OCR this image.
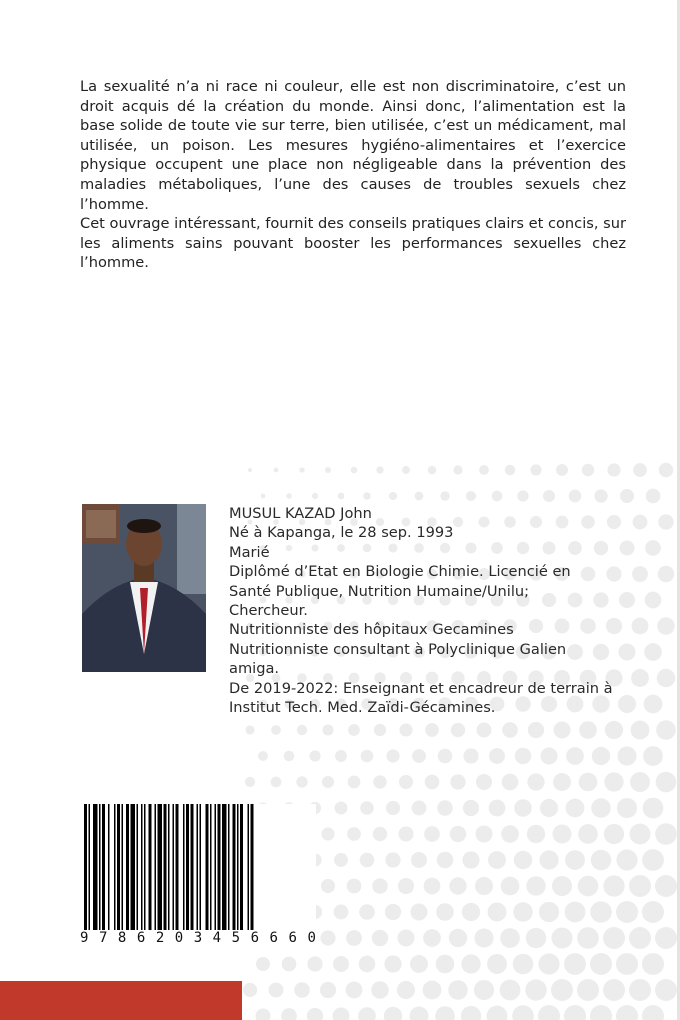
La sexualité n’a ni race ni couleur, elle est non discriminatoire, c’est un droit acquis dé la création du monde. Ainsi donc, l’alimentation est la base solide de toute vie sur terre, bien utilisée, c’est un médicament, mal utilisée, un poison. Les mesures hygiéno-alimentaires et l’exercice physique occupent une place non négligeable dans la prévention des maladies métaboliques, l’une des causes de troubles sexuels chez l’homme.

Cet ouvrage intéressant, fournit des conseils pratiques clairs et concis, sur les aliments sains pouvant booster les performances sexuelles chez l’homme.

MUSUL KAZAD John
Né à Kapanga, le 28 sep. 1993
Marié
Diplômé d’Etat en Biologie Chimie. Licencié en
Santé Publique, Nutrition Humaine/Unilu;
Chercheur.
Nutritionniste des hôpitaux Gecamines
Nutritionniste consultant à Polyclinique Galien
amiga.
De 2019-2022: Enseignant et encadreur de terrain à
Institut Tech. Med. Zaïdi-Gécamines.
9 7 8 6 2 0 3 4 5 6 6 6 0
